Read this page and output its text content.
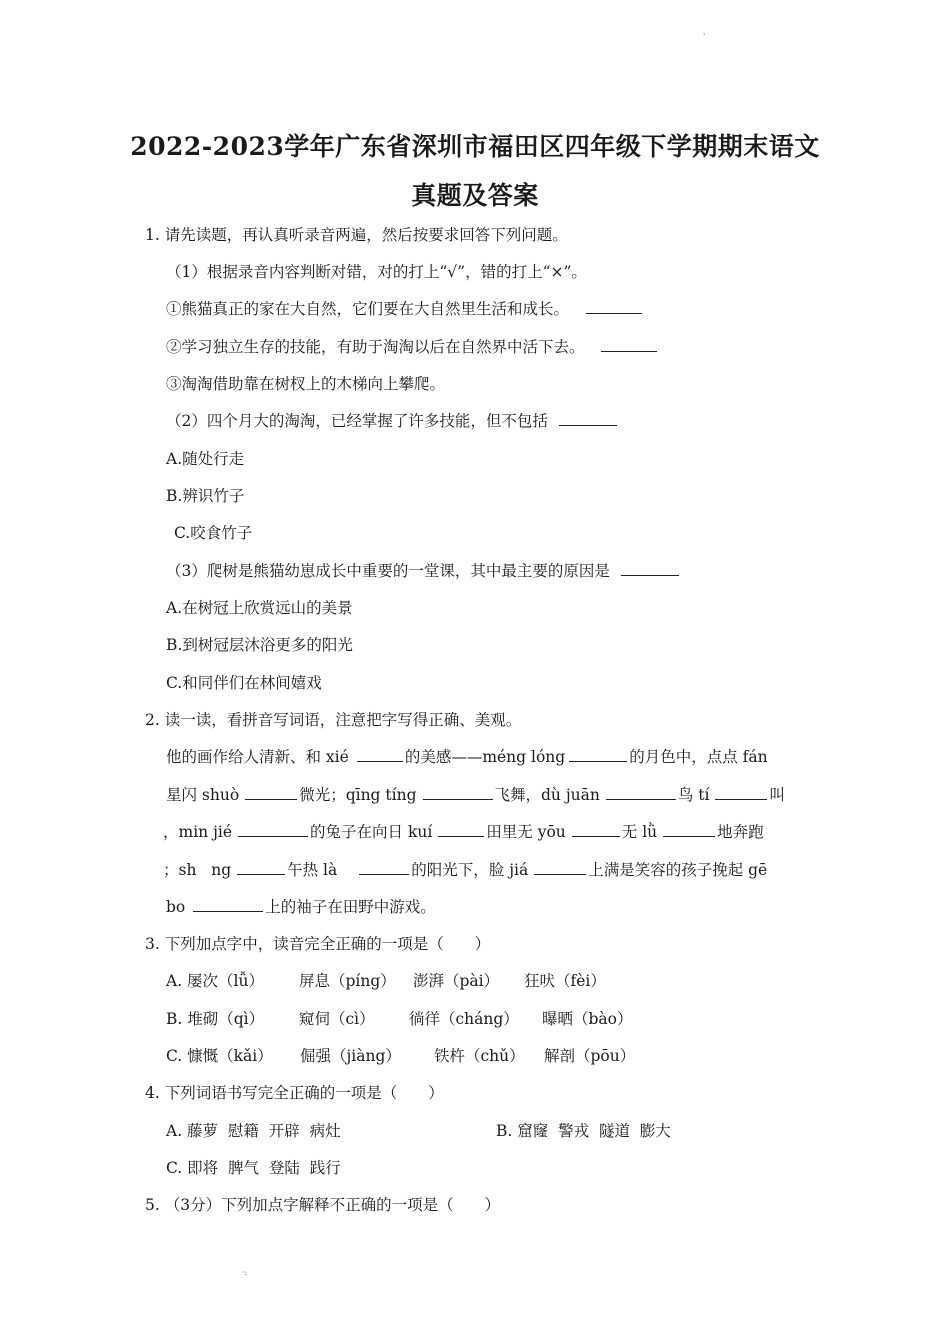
'
2022-2023学年广东省深圳市福田区四年级下学期期末语文
真题及答案
1. 请先读题，再认真听录音两遍，然后按要求回答下列问题。
（1）根据录音内容判断对错，对的打上“√”，错的打上“×”。
①熊猫真正的家在大自然，它们要在大自然里生活和成长。
②学习独立生存的技能，有助于淘淘以后在自然界中活下去。
③淘淘借助靠在树杈上的木梯向上攀爬。
（2）四个月大的淘淘，已经掌握了许多技能，但不包括
A.随处行走
B.辨识竹子
C.咬食竹子
（3）爬树是熊猫幼崽成长中重要的一堂课，其中最主要的原因是
A.在树冠上欣赏远山的美景
B.到树冠层沐浴更多的阳光
C.和同伴们在林间嬉戏
2. 读一读，看拼音写词语，注意把字写得正确、美观。
他的画作给人清新、和 xié	的美感——méng lóng	的月色中，点点 fán
星闪 shuò	微光；qīng tíng	飞舞，dù juān	鸟 tí	叫
，min jié	的兔子在向日 kuí	田里无 yōu	无 lǜ	地奔跑
；sh   ng	午热 là	的阳光下，脸 jiá	上满是笑容的孩子挽起 gē
bo	上的袖子在田野中游戏。
3. 下列加点字中，读音完全正确的一项是（　　）
A. 屡次（lǚ） 屏息（píng） 澎湃（pài） 狂吠（fèi）
B. 堆砌（qì） 窥伺（cì） 徜徉（cháng） 曝晒（bào）
C. 慷慨（kǎi） 倔强（jiàng） 铁杵（chǔ） 解剖（pōu）
4. 下列词语书写完全正确的一项是（　　）
A. 藤萝  慰籍  开辟  病灶	B. 窟窿  警戎  隧道  膨大
C. 即将  脾气  登陆  践行
5. （3分）下列加点字解释不正确的一项是（　　）
·:
